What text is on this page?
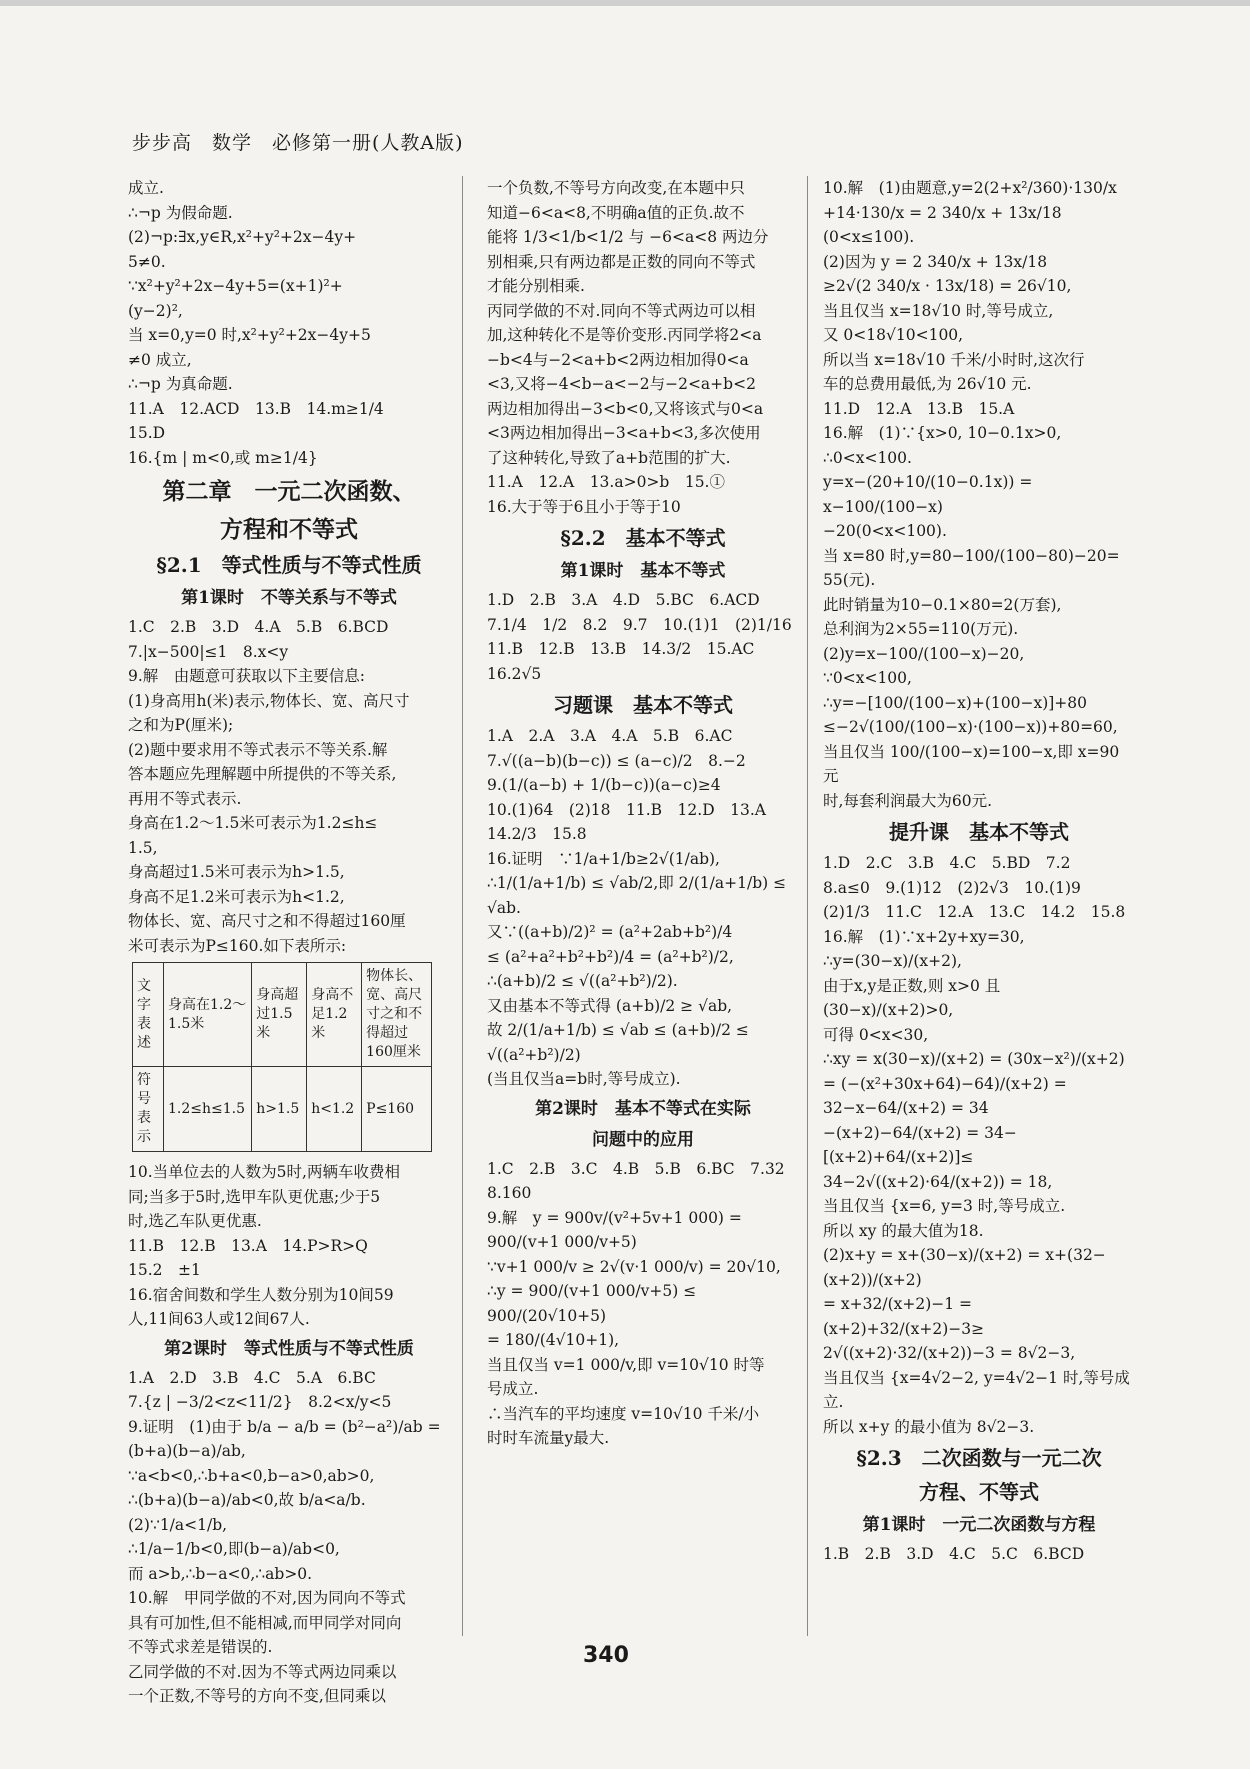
步步高　数学　必修第一册(人教A版)
成立.
∴¬p 为假命题.
(2)¬p:∃x,y∈R,x²+y²+2x−4y+
5≠0.
∵x²+y²+2x−4y+5=(x+1)²+
(y−2)²,
当 x=0,y=0 时,x²+y²+2x−4y+5
≠0 成立,
∴¬p 为真命题.
11.A　12.ACD　13.B　14.m≥1/4
15.D
16.{m | m<0,或 m≥1/4}
第二章　一元二次函数、
方程和不等式
§2.1　等式性质与不等式性质
第1课时　不等关系与不等式
1.C　2.B　3.D　4.A　5.B　6.BCD
7.|x−500|≤1　8.x<y
9.解　由题意可获取以下主要信息:
(1)身高用h(米)表示,物体长、宽、高尺寸
之和为P(厘米);
(2)题中要求用不等式表示不等关系.解
答本题应先理解题中所提供的不等关系,
再用不等式表示.
身高在1.2～1.5米可表示为1.2≤h≤
1.5,
身高超过1.5米可表示为h>1.5,
身高不足1.2米可表示为h<1.2,
物体长、宽、高尺寸之和不得超过160厘
米可表示为P≤160.如下表所示:
文字表述	身高在1.2～1.5米	身高超过1.5米	身高不足1.2米	物体长、宽、高尺寸之和不得超过160厘米
符号表示	1.2≤h≤1.5	h>1.5	h<1.2	P≤160
10.当单位去的人数为5时,两辆车收费相
同;当多于5时,选甲车队更优惠;少于5
时,选乙车队更优惠.
11.B　12.B　13.A　14.P>R>Q
15.2　±1
16.宿舍间数和学生人数分别为10间59
人,11间63人或12间67人.
第2课时　等式性质与不等式性质
1.A　2.D　3.B　4.C　5.A　6.BC
7.{z | −3/2<z<11/2}　8.2<x/y<5
9.证明　(1)由于 b/a − a/b = (b²−a²)/ab =
(b+a)(b−a)/ab,
∵a<b<0,∴b+a<0,b−a>0,ab>0,
∴(b+a)(b−a)/ab<0,故 b/a<a/b.
(2)∵1/a<1/b,
∴1/a−1/b<0,即(b−a)/ab<0,
而 a>b,∴b−a<0,∴ab>0.
10.解　甲同学做的不对,因为同向不等式
具有可加性,但不能相减,而甲同学对同向
不等式求差是错误的.
乙同学做的不对.因为不等式两边同乘以
一个正数,不等号的方向不变,但同乘以
一个负数,不等号方向改变,在本题中只
知道−6<a<8,不明确a值的正负.故不
能将 1/3<1/b<1/2 与 −6<a<8 两边分
别相乘,只有两边都是正数的同向不等式
才能分别相乘.
丙同学做的不对.同向不等式两边可以相
加,这种转化不是等价变形.丙同学将2<a
−b<4与−2<a+b<2两边相加得0<a
<3,又将−4<b−a<−2与−2<a+b<2
两边相加得出−3<b<0,又将该式与0<a
<3两边相加得出−3<a+b<3,多次使用
了这种转化,导致了a+b范围的扩大.
11.A　12.A　13.a>0>b　15.①
16.大于等于6且小于等于10
§2.2　基本不等式
第1课时　基本不等式
1.D　2.B　3.A　4.D　5.BC　6.ACD
7.1/4　1/2　8.2　9.7　10.(1)1　(2)1/16
11.B　12.B　13.B　14.3/2　15.AC　16.2√5
习题课　基本不等式
1.A　2.A　3.A　4.A　5.B　6.AC
7.√((a−b)(b−c)) ≤ (a−c)/2　8.−2
9.(1/(a−b) + 1/(b−c))(a−c)≥4
10.(1)64　(2)18　11.B　12.D　13.A
14.2/3　15.8
16.证明　∵1/a+1/b≥2√(1/ab),
∴1/(1/a+1/b) ≤ √ab/2,即 2/(1/a+1/b) ≤ √ab.
又∵((a+b)/2)² = (a²+2ab+b²)/4
≤ (a²+a²+b²+b²)/4 = (a²+b²)/2,
∴(a+b)/2 ≤ √((a²+b²)/2).
又由基本不等式得 (a+b)/2 ≥ √ab,
故 2/(1/a+1/b) ≤ √ab ≤ (a+b)/2 ≤ √((a²+b²)/2)
(当且仅当a=b时,等号成立).
第2课时　基本不等式在实际
问题中的应用
1.C　2.B　3.C　4.B　5.B　6.BC　7.32
8.160
9.解　y = 900v/(v²+5v+1 000) = 900/(v+1 000/v+5)
∵v+1 000/v ≥ 2√(v·1 000/v) = 20√10,
∴y = 900/(v+1 000/v+5) ≤ 900/(20√10+5)
= 180/(4√10+1),
当且仅当 v=1 000/v,即 v=10√10 时等
号成立.
∴当汽车的平均速度 v=10√10 千米/小
时时车流量y最大.
10.解　(1)由题意,y=2(2+x²/360)·130/x
+14·130/x = 2 340/x + 13x/18 (0<x≤100).
(2)因为 y = 2 340/x + 13x/18
≥2√(2 340/x · 13x/18) = 26√10,
当且仅当 x=18√10 时,等号成立,
又 0<18√10<100,
所以当 x=18√10 千米/小时时,这次行
车的总费用最低,为 26√10 元.
11.D　12.A　13.B　15.A
16.解　(1)∵{x>0, 10−0.1x>0,
∴0<x<100.
y=x−(20+10/(10−0.1x)) = x−100/(100−x)
−20(0<x<100).
当 x=80 时,y=80−100/(100−80)−20=
55(元).
此时销量为10−0.1×80=2(万套),
总利润为2×55=110(万元).
(2)y=x−100/(100−x)−20,
∵0<x<100,
∴y=−[100/(100−x)+(100−x)]+80
≤−2√(100/(100−x)·(100−x))+80=60,
当且仅当 100/(100−x)=100−x,即 x=90 元
时,每套利润最大为60元.
提升课　基本不等式
1.D　2.C　3.B　4.C　5.BD　7.2
8.a≤0　9.(1)12　(2)2√3　10.(1)9
(2)1/3　11.C　12.A　13.C　14.2　15.8
16.解　(1)∵x+2y+xy=30,
∴y=(30−x)/(x+2),
由于x,y是正数,则 x>0 且 (30−x)/(x+2)>0,
可得 0<x<30,
∴xy = x(30−x)/(x+2) = (30x−x²)/(x+2)
= (−(x²+30x+64)−64)/(x+2) = 32−x−64/(x+2) = 34
−(x+2)−64/(x+2) = 34−[(x+2)+64/(x+2)]≤
34−2√((x+2)·64/(x+2)) = 18,
当且仅当 {x=6, y=3 时,等号成立.
所以 xy 的最大值为18.
(2)x+y = x+(30−x)/(x+2) = x+(32−(x+2))/(x+2)
= x+32/(x+2)−1 = (x+2)+32/(x+2)−3≥
2√((x+2)·32/(x+2))−3 = 8√2−3,
当且仅当 {x=4√2−2, y=4√2−1 时,等号成立.
所以 x+y 的最小值为 8√2−3.
§2.3　二次函数与一元二次
方程、不等式
第1课时　一元二次函数与方程
1.B　2.B　3.D　4.C　5.C　6.BCD
340
